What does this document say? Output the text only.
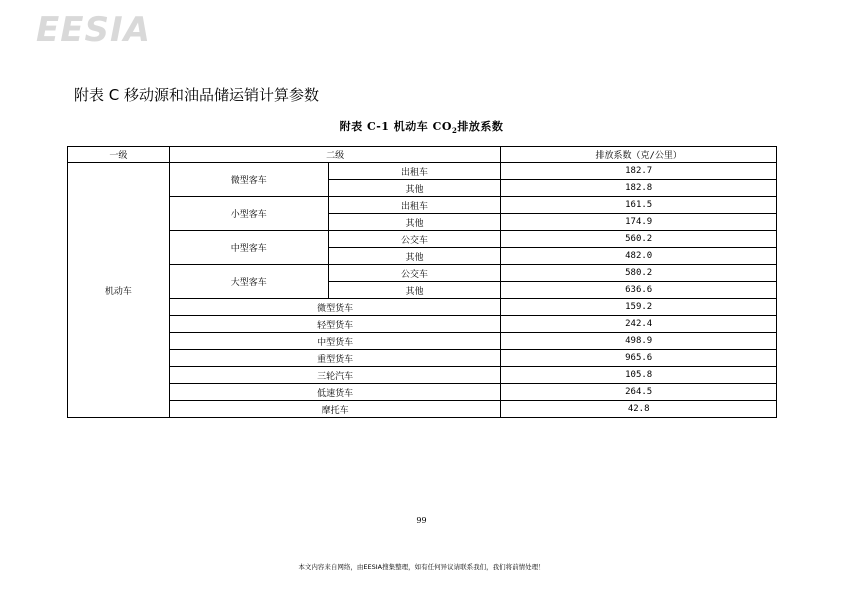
EESIA
附表 C 移动源和油品储运销计算参数
附表 C-1 机动车 $CO_2$排放系数
一级	二级		排放系数（克/公里）
机动车	微型客车	出租车	182.7
		其他	182.8
	小型客车	出租车	161.5
		其他	174.9
	中型客车	公交车	560.2
		其他	482.0
	大型客车	公交车	580.2
		其他	636.6
	微型货车		159.2
	轻型货车		242.4
	中型货车		498.9
	重型货车		965.6
	三轮汽车		105.8
	低速货车		264.5
	摩托车		42.8
99
本文内容来自网络，由EESIA搜集整理，如有任何异议请联系我们，我们将前情处理！
